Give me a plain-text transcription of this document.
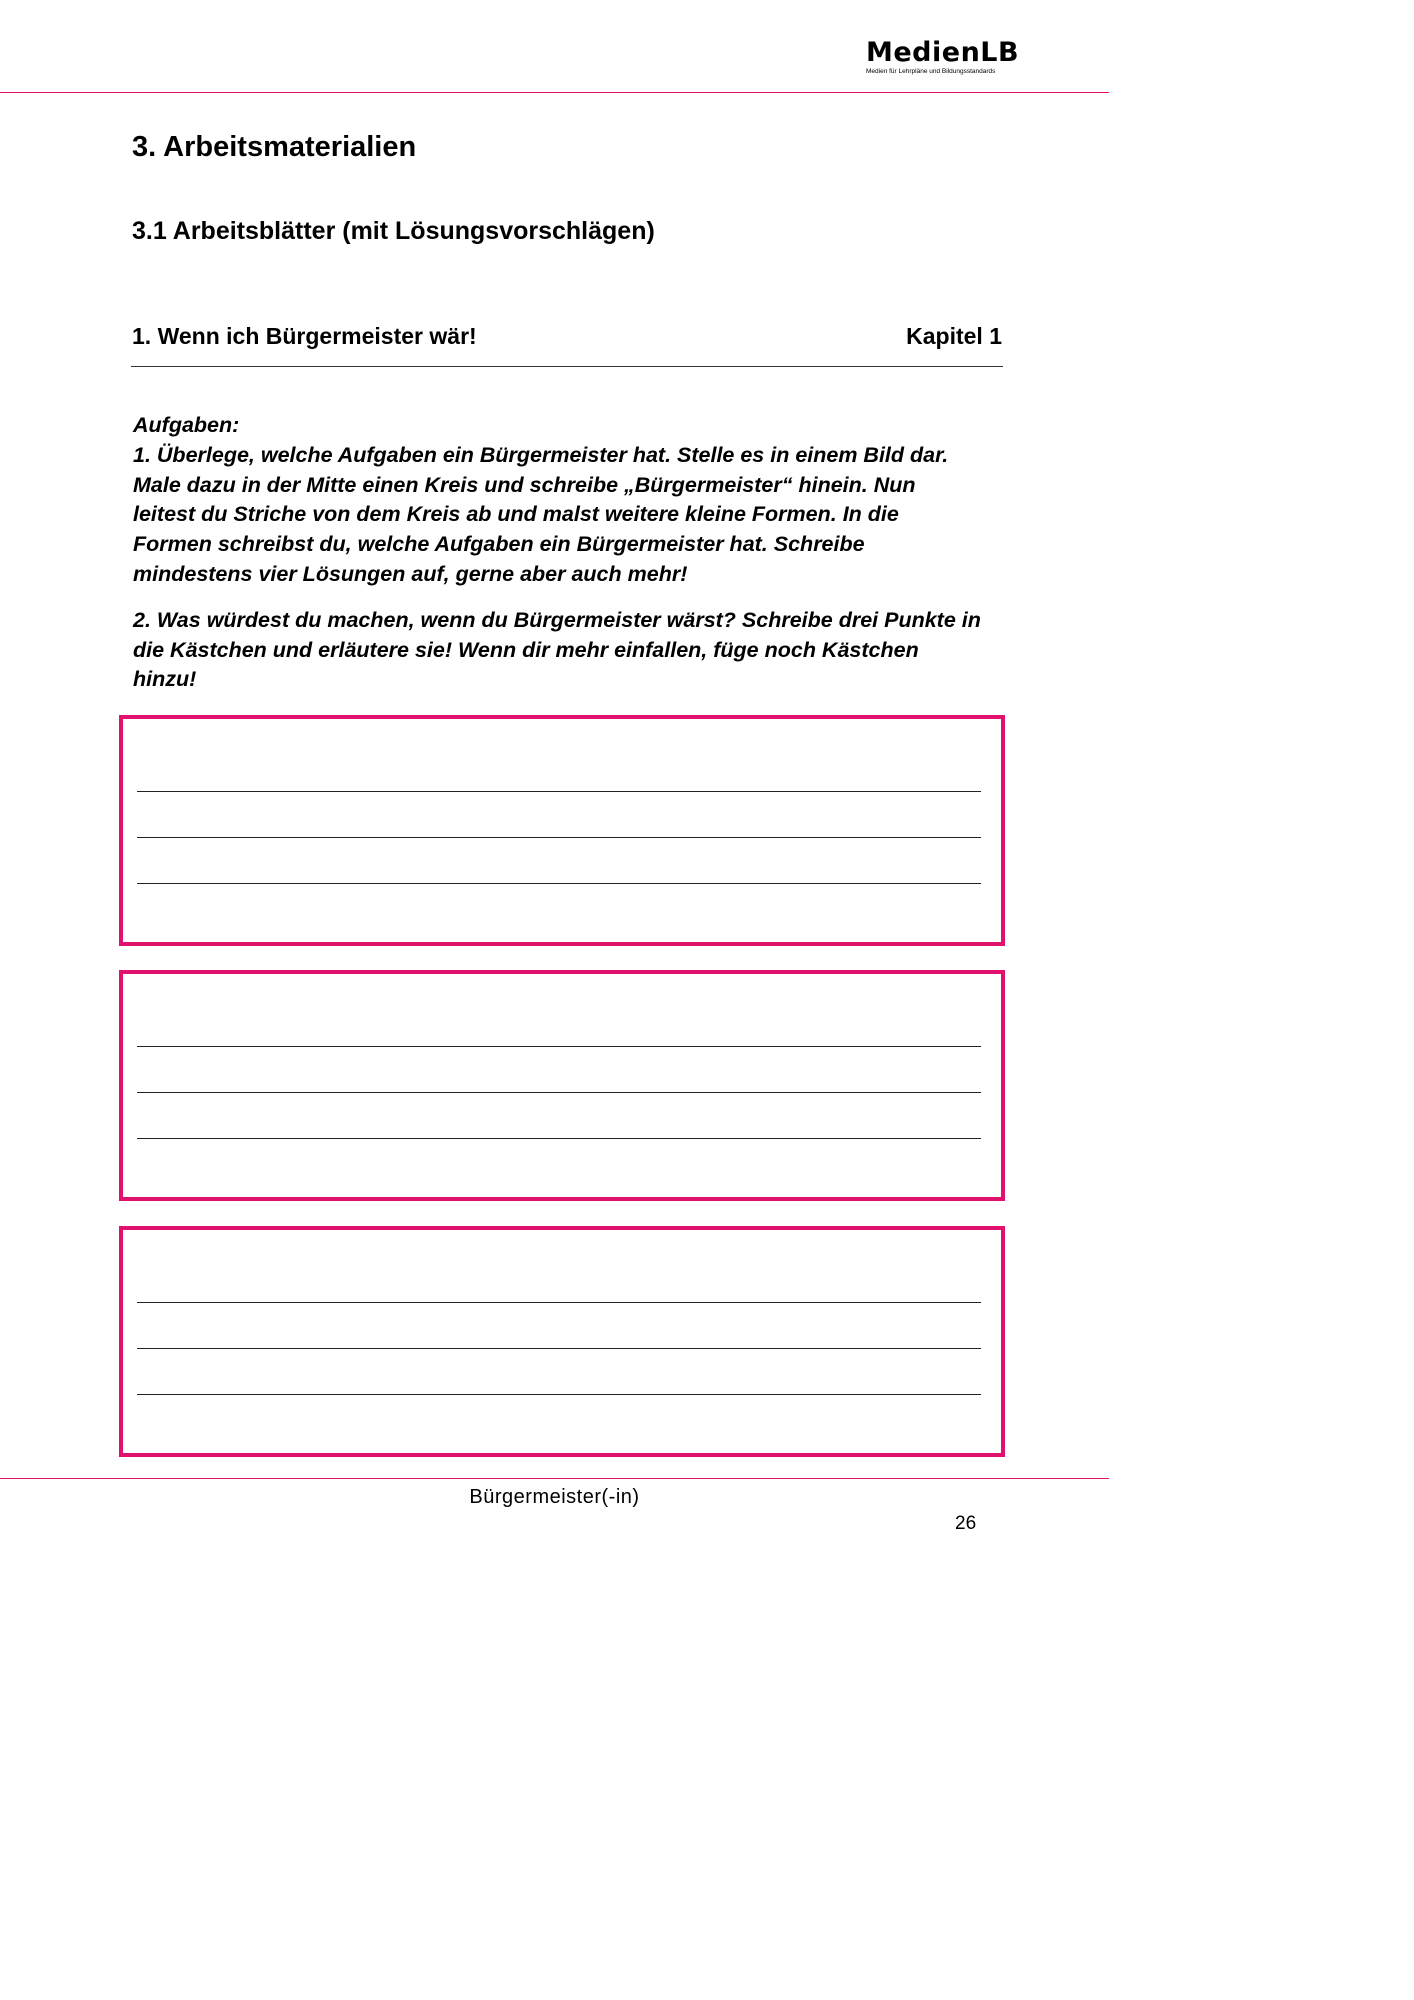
MedienLB
Medien für Lehrpläne und Bildungsstandards
3. Arbeitsmaterialien
3.1 Arbeitsblätter (mit Lösungsvorschlägen)
1. Wenn ich Bürgermeister wär!	Kapitel 1

Aufgaben:

1. Überlege, welche Aufgaben ein Bürgermeister hat. Stelle es in einem Bild dar. Male dazu in der Mitte einen Kreis und schreibe „Bürgermeister“ hinein. Nun leitest du Striche von dem Kreis ab und malst weitere kleine Formen. In die Formen schreibst du, welche Aufgaben ein Bürgermeister hat. Schreibe mindestens vier Lösungen auf, gerne aber auch mehr!

2. Was würdest du machen, wenn du Bürgermeister wärst? Schreibe drei Punkte in die Kästchen und erläutere sie! Wenn dir mehr einfallen, füge noch Kästchen hinzu!

Bürgermeister(-in)
26
